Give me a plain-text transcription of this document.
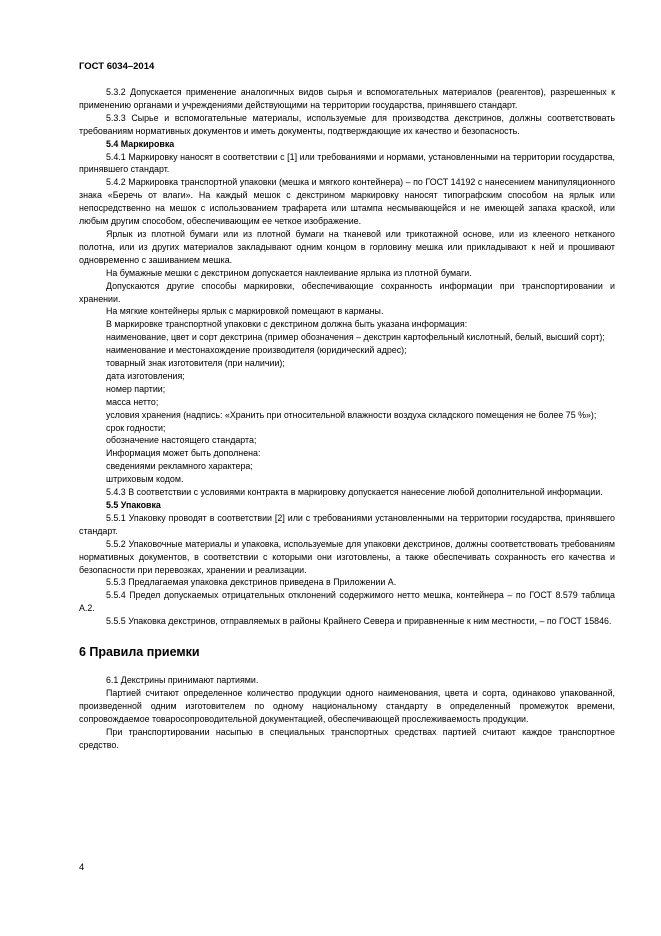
ГОСТ 6034–2014
5.3.2 Допускается применение аналогичных видов сырья и вспомогательных материалов (реагентов), разрешенных к применению органами и учреждениями действующими на территории государства, принявшего стандарт.
5.3.3 Сырье и вспомогательные материалы, используемые для производства декстринов, должны соответствовать требованиям нормативных документов и иметь документы, подтверждающие их качество и безопасность.
5.4 Маркировка
5.4.1 Маркировку наносят в соответствии с [1] или требованиями и нормами, установленными на территории государства, принявшего стандарт.
5.4.2 Маркировка транспортной упаковки (мешка и мягкого контейнера) – по ГОСТ 14192 с нанесением манипуляционного знака «Беречь от влаги». На каждый мешок с декстрином маркировку наносят типографским способом на ярлык или непосредственно на мешок с использованием трафарета или штампа несмывающейся и не имеющей запаха краской, или любым другим способом, обеспечивающим ее четкое изображение.
Ярлык из плотной бумаги или из плотной бумаги на тканевой или трикотажной основе, или из клееного нетканого полотна, или из других материалов закладывают одним концом в горловину мешка или прикладывают к ней и прошивают одновременно с зашиванием мешка.
На бумажные мешки с декстрином допускается наклеивание ярлыка из плотной бумаги.
Допускаются другие способы маркировки, обеспечивающие сохранность информации при транспортировании и хранении.
На мягкие контейнеры ярлык с маркировкой помещают в карманы.
В маркировке транспортной упаковки с декстрином должна быть указана информация:
наименование, цвет и сорт декстрина (пример обозначения – декстрин картофельный кислотный, белый, высший сорт);
наименование и местонахождение производителя (юридический адрес);
товарный знак изготовителя (при наличии);
дата изготовления;
номер партии;
масса нетто;
условия хранения (надпись: «Хранить при относительной влажности воздуха складского помещения не более 75 %»);
срок годности;
обозначение настоящего стандарта;
Информация может быть дополнена:
сведениями рекламного характера;
штриховым кодом.
5.4.3 В соответствии с условиями контракта в маркировку допускается нанесение любой дополнительной информации.
5.5 Упаковка
5.5.1 Упаковку проводят в соответствии [2] или с требованиями установленными на территории государства, принявшего стандарт.
5.5.2 Упаковочные материалы и упаковка, используемые для упаковки декстринов, должны соответствовать требованиям нормативных документов, в соответствии с которыми они изготовлены, а также обеспечивать сохранность его качества и безопасности при перевозках, хранении и реализации.
5.5.3 Предлагаемая упаковка декстринов приведена в Приложении А.
5.5.4 Предел допускаемых отрицательных отклонений содержимого нетто мешка, контейнера – по ГОСТ 8.579 таблица А.2.
5.5.5 Упаковка декстринов, отправляемых в районы Крайнего Севера и приравненные к ним местности, – по ГОСТ 15846.
6 Правила приемки
6.1 Декстрины принимают партиями.
Партией считают определенное количество продукции одного наименования, цвета и сорта, одинаково упакованной, произведенной одним изготовителем по одному национальному стандарту в определенный промежуток времени, сопровождаемое товаросопроводительной документацией, обеспечивающей прослеживаемость продукции.
При транспортировании насыпью в специальных транспортных средствах партией считают каждое транспортное средство.
4
